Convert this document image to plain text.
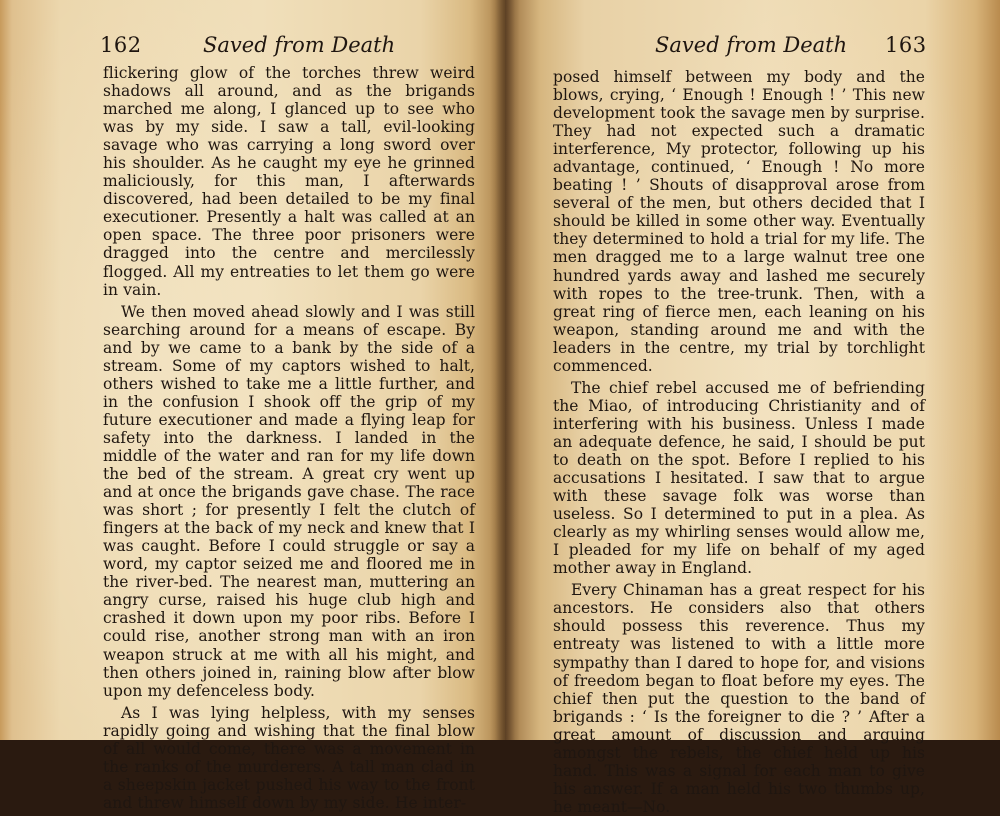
162	Saved from Death

flickering glow of the torches threw weird shadows all around, and as the brigands marched me along, I glanced up to see who was by my side. I saw a tall, evil-looking savage who was carrying a long sword over his shoulder. As he caught my eye he grinned maliciously, for this man, I afterwards discovered, had been detailed to be my final executioner. Presently a halt was called at an open space. The three poor prisoners were dragged into the centre and mercilessly flogged. All my entreaties to let them go were in vain.

We then moved ahead slowly and I was still searching around for a means of escape. By and by we came to a bank by the side of a stream. Some of my captors wished to halt, others wished to take me a little further, and in the confusion I shook off the grip of my future executioner and made a flying leap for safety into the darkness. I landed in the middle of the water and ran for my life down the bed of the stream. A great cry went up and at once the brigands gave chase. The race was short ; for presently I felt the clutch of fingers at the back of my neck and knew that I was caught. Before I could struggle or say a word, my captor seized me and floored me in the river-bed. The nearest man, muttering an angry curse, raised his huge club high and crashed it down upon my poor ribs. Before I could rise, another strong man with an iron weapon struck at me with all his might, and then others joined in, raining blow after blow upon my defenceless body.

As I was lying helpless, with my senses rapidly going and wishing that the final blow of all would come, there was a movement in the ranks of the murderers. A tall man clad in a sheepskin jacket pushed his way to the front and threw himself down by my side. He inter-

Saved from Death 163

posed himself between my body and the blows, crying, ‘ Enough ! Enough ! ’ This new development took the savage men by surprise. They had not expected such a dramatic interference, My protector, following up his advantage, continued, ‘ Enough ! No more beating ! ’ Shouts of disapproval arose from several of the men, but others decided that I should be killed in some other way. Eventually they determined to hold a trial for my life. The men dragged me to a large walnut tree one hundred yards away and lashed me securely with ropes to the tree-trunk. Then, with a great ring of fierce men, each leaning on his weapon, standing around me and with the leaders in the centre, my trial by torchlight commenced.

The chief rebel accused me of befriending the Miao, of introducing Christianity and of interfering with his business. Unless I made an adequate defence, he said, I should be put to death on the spot. Before I replied to his accusations I hesitated. I saw that to argue with these savage folk was worse than useless. So I determined to put in a plea. As clearly as my whirling senses would allow me, I pleaded for my life on behalf of my aged mother away in England.

Every Chinaman has a great respect for his ancestors. He considers also that others should possess this reverence. Thus my entreaty was listened to with a little more sympathy than I dared to hope for, and visions of freedom began to float before my eyes. The chief then put the question to the band of brigands : ‘ Is the foreigner to die ? ’ After a great amount of discussion and arguing amongst the rebels, the chief held up his hand. This was a signal for each man to give his answer. If a man held his two thumbs up, he meant—No.
